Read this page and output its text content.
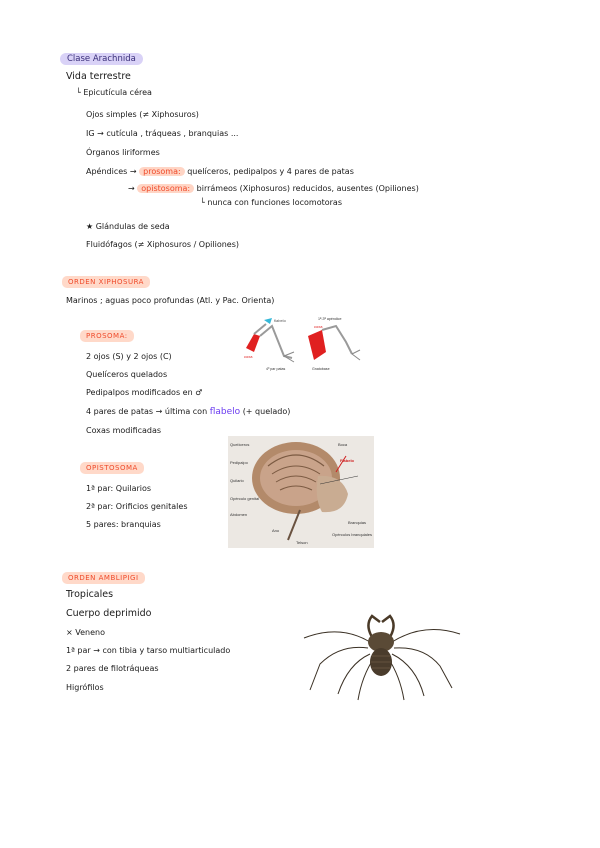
Clase Arachnida
Vida terrestre
└ Epicutícula cérea
Ojos simples (≠ Xiphosuros)
IG → cutícula , tráqueas , branquias ...
Órganos liriformes
Apéndices → prosoma: quelíceros, pedipalpos y 4 pares de patas
→ opistosoma: birrámeos (Xiphosuros) reducidos, ausentes (Opiliones)
└ nunca con funciones locomotoras
★ Glándulas de seda
Fluidófagos (≠ Xiphosuros / Opiliones)
ORDEN XIPHOSURA
Marinos ; aguas poco profundas (Atl. y Pac. Orienta)
PROSOMA:
2 ojos (S) y 2 ojos (C)
Quelíceros quelados
Pedipalpos modificados en ♂
4 pares de patas → última con flabelo (+ quelado)
Coxas modificadas
OPISTOSOMA
1ª par: Quilarios
2ª par: Orificios genitales
5 pares: branquias
coxa
flabelo
4º par patas
1ª-3ª apéndice
coxa
Gnatobase
Quelíceros
Pedipalpo
Quilario
Opérculo genital
Abdomen
Ano
Telson
Boca
Flabelo
Branquias
Opérculos branquiales
ORDEN AMBLIPIGI
Tropicales
Cuerpo deprimido
× Veneno
1ª par → con tibia y tarso multiarticulado
2 pares de filotráqueas
Higrófilos
